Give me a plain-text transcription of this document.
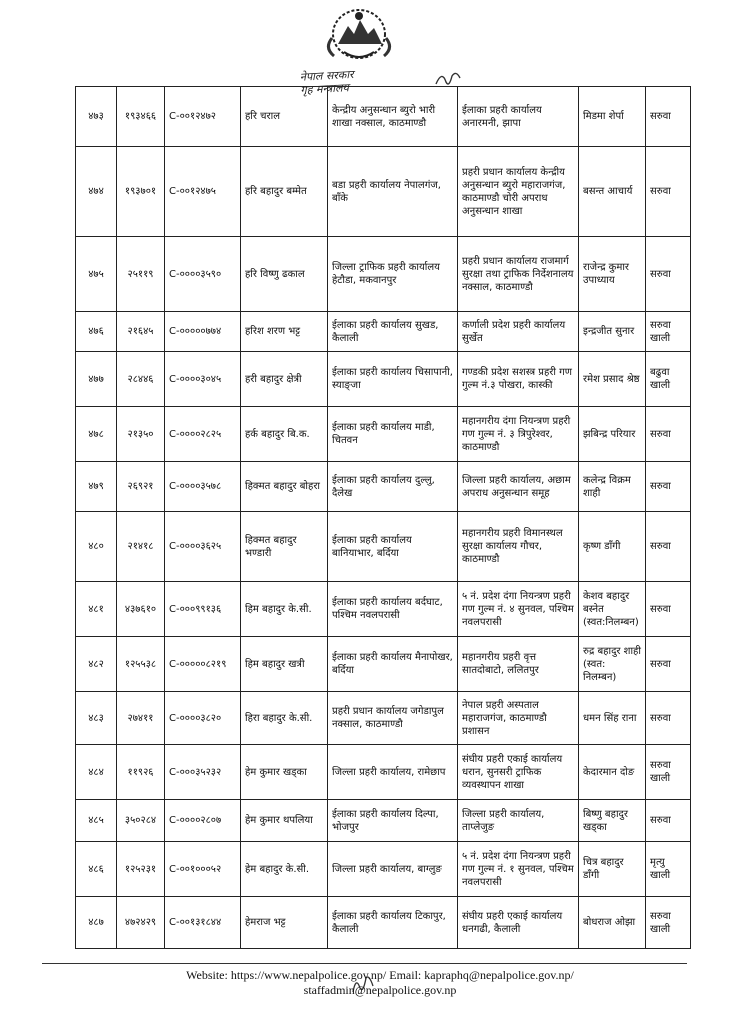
नेपाल सरकार
गृह मन्त्रालय
४७३	१९३४६६	C-००१२४७२	हरि चराल	केन्द्रीय अनुसन्धान ब्युरो भारी शाखा नक्साल, काठमाण्डौ	ईलाका प्रहरी कार्यालय अनारमनी, झापा	मिडमा शेर्पा	सरुवा
४७४	१९३७०१	C-००१२४७५	हरि बहादुर बम्मेत	बडा प्रहरी कार्यालय नेपालगंज, बाँके	प्रहरी प्रधान कार्यालय केन्द्रीय अनुसन्धान ब्युरो महाराजगंज, काठमाण्डौ चोरी अपराध अनुसन्धान शाखा	बसन्त आचार्य	सरुवा
४७५	२५११९	C-००००३५९०	हरि विष्णु ढकाल	जिल्ला ट्राफिक प्रहरी कार्यालय हेटौडा, मकवानपुर	प्रहरी प्रधान कार्यालय राजमार्ग सुरक्षा तथा ट्राफिक निर्देशनालय नक्साल, काठमाण्डौ	राजेन्द्र कुमार उपाध्याय	सरुवा
४७६	२१६४५	C-०००००७७४	हरिश शरण भट्ट	ईलाका प्रहरी कार्यालय सुखड, कैलाली	कर्णाली प्रदेश प्रहरी कार्यालय सुर्खेत	इन्द्रजीत सुनार	सरुवा खाली
४७७	२८४४६	C-००००३०४५	हरी बहादुर क्षेत्री	ईलाका प्रहरी कार्यालय चिसापानी, स्याङ्जा	गण्डकी प्रदेश सशस्त्र प्रहरी गण गुल्म नं.३ पोखरा, कास्की	रमेश प्रसाद श्रेष्ठ	बढुवा खाली
४७८	२१३५०	C-००००२८२५	हर्क बहादुर बि.क.	ईलाका प्रहरी कार्यालय माडी, चितवन	महानगरीय दंगा नियन्त्रण प्रहरी गण गुल्म नं. ३ त्रिपुरेश्वर, काठमाण्डौ	झबिन्द्र परियार	सरुवा
४७९	२६९२१	C-००००३५७८	हिक्मत बहादुर बोहरा	ईलाका प्रहरी कार्यालय दुल्लु, दैलेख	जिल्ला प्रहरी कार्यालय, अछाम अपराध अनुसन्धान समूह	कलेन्द्र विक्रम शाही	सरुवा
४८०	२१४१८	C-००००३६२५	हिक्मत बहादुर भण्डारी	ईलाका प्रहरी कार्यालय बानियाभार, बर्दिया	महानगरीय प्रहरी विमानस्थल सुरक्षा कार्यालय गौचर, काठमाण्डौ	कृष्ण डाँगी	सरुवा
४८१	४३७६१०	C-०००९९१३६	हिम बहादुर के.सी.	ईलाका प्रहरी कार्यालय बर्दघाट, पश्चिम नवलपरासी	५ नं. प्रदेश दंगा नियन्त्रण प्रहरी गण गुल्म नं. ४ सुनवल, पश्चिम नवलपरासी	केशव बहादुर बस्नेत (स्वत:निलम्बन)	सरुवा
४८२	१२५५३८	C-०००००८२१९	हिम बहादुर खत्री	ईलाका प्रहरी कार्यालय मैनापोखर, बर्दिया	महानगरीय प्रहरी वृत्त सातदोबाटो, ललितपुर	रुद्र बहादुर शाही (स्वत: निलम्बन)	सरुवा
४८३	२७४११	C-००००३८२०	हिरा बहादुर के.सी.	प्रहरी प्रधान कार्यालय जगेडापुल नक्साल, काठमाण्डौ	नेपाल प्रहरी अस्पताल महाराजगंज, काठमाण्डौ प्रशासन	धमन सिंह राना	सरुवा
४८४	११९२६	C-०००३५२३२	हेम कुमार खड्का	जिल्ला प्रहरी कार्यालय, रामेछाप	संघीय प्रहरी एकाई कार्यालय धरान, सुनसरी ट्राफिक व्यवस्थापन शाखा	केदारमान दोङ	सरुवा खाली
४८५	३५०२८४	C-००००२८०७	हेम कुमार थपलिया	ईलाका प्रहरी कार्यालय दिल्पा, भोजपुर	जिल्ला प्रहरी कार्यालय, ताप्लेजुङ	बिष्णु बहादुर खड्का	सरुवा
४८६	१२५२३१	C-००१०००५२	हेम बहादुर के.सी.	जिल्ला प्रहरी कार्यालय, बाग्लुङ	५ नं. प्रदेश दंगा नियन्त्रण प्रहरी गण गुल्म नं. १ सुनवल, पश्चिम नवलपरासी	चित्र बहादुर डाँगी	मृत्यु खाली
४८७	४७२४२९	C-००१३१८४४	हेमराज भट्ट	ईलाका प्रहरी कार्यालय टिकापुर, कैलाली	संघीय प्रहरी एकाई कार्यालय धनगढी, कैलाली	बोधराज ओझा	सरुवा खाली
Website: https://www.nepalpolice.gov.np/ Email: kapraphq@nepalpolice.gov.np/
staffadmin@nepalpolice.gov.np
